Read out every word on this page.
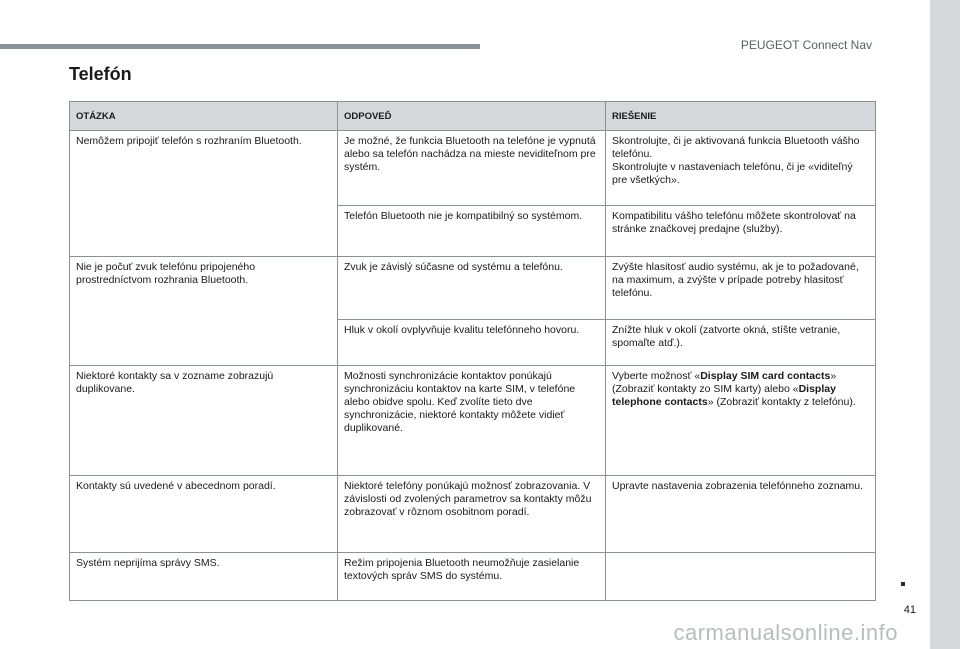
PEUGEOT Connect Nav
Telefón
OTÁZKA	ODPOVEĎ	RIEŠENIE
Nemôžem pripojiť telefón s rozhraním Bluetooth.	Je možné, že funkcia Bluetooth na telefóne je vypnutá alebo sa telefón nachádza na mieste neviditeľnom pre systém.	Skontrolujte, či je aktivovaná funkcia Bluetooth vášho telefónu.
Skontrolujte v nastaveniach telefónu, či je «viditeľný pre všetkých».
	Telefón Bluetooth nie je kompatibilný so systémom.	Kompatibilitu vášho telefónu môžete skontrolovať na stránke značkovej predajne (služby).
Nie je počuť zvuk telefónu pripojeného prostredníctvom rozhrania Bluetooth.	Zvuk je závislý súčasne od systému a telefónu.	Zvýšte hlasitosť audio systému, ak je to požadované, na maximum, a zvýšte v prípade potreby hlasitosť telefónu.
	Hluk v okolí ovplyvňuje kvalitu telefónneho hovoru.	Znížte hluk v okolí (zatvorte okná, stíšte vetranie, spomaľte atď.).
Niektoré kontakty sa v zozname zobrazujú duplikovane.	Možnosti synchronizácie kontaktov ponúkajú synchronizáciu kontaktov na karte SIM, v telefóne alebo obidve spolu. Keď zvolíte tieto dve synchronizácie, niektoré kontakty môžete vidieť duplikované.	Vyberte možnosť «Display SIM card contacts» (Zobraziť kontakty zo SIM karty) alebo «Display telephone contacts» (Zobraziť kontakty z telefónu).
Kontakty sú uvedené v abecednom poradí.	Niektoré telefóny ponúkajú možnosť zobrazovania. V závislosti od zvolených parametrov sa kontakty môžu zobrazovať v rôznom osobitnom poradí.	Upravte nastavenia zobrazenia telefónneho zoznamu.
Systém neprijíma správy SMS.	Režim pripojenia Bluetooth neumožňuje zasielanie textových správ SMS do systému.	
41
carmanualsonline.info
